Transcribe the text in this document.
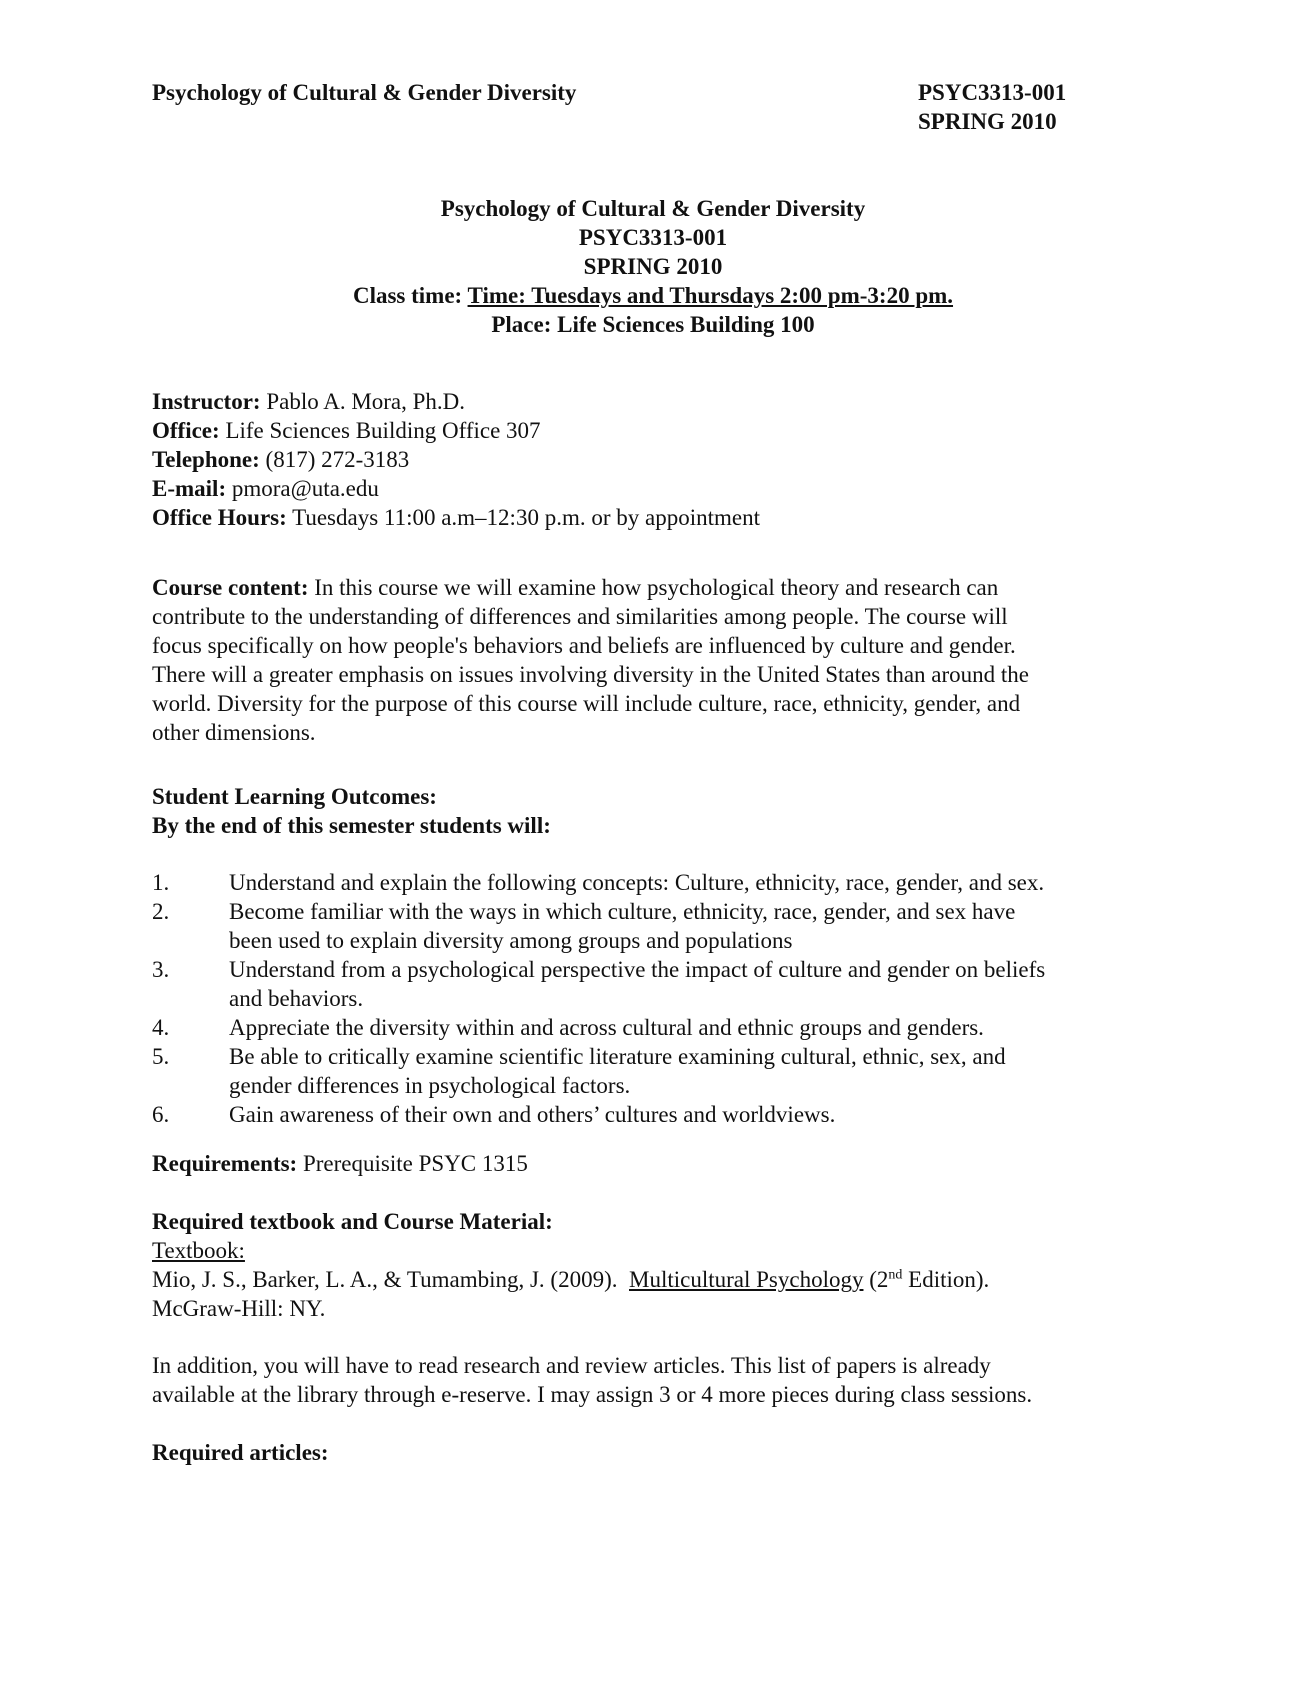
Psychology of Cultural & Gender Diversity	PSYC3313-001
SPRING 2010
Psychology of Cultural & Gender Diversity
PSYC3313-001
SPRING 2010
Class time: Time: Tuesdays and Thursdays 2:00 pm-3:20 pm.
Place: Life Sciences Building 100
Instructor: Pablo A. Mora, Ph.D.
Office: Life Sciences Building Office 307
Telephone: (817) 272-3183
E-mail: pmora@uta.edu
Office Hours: Tuesdays 11:00 a.m–12:30 p.m. or by appointment
Course content: In this course we will examine how psychological theory and research can
contribute to the understanding of differences and similarities among people. The course will
focus specifically on how people's behaviors and beliefs are influenced by culture and gender.
There will a greater emphasis on issues involving diversity in the United States than around the
world. Diversity for the purpose of this course will include culture, race, ethnicity, gender, and
other dimensions.
Student Learning Outcomes:
By the end of this semester students will:
1.	Understand and explain the following concepts: Culture, ethnicity, race, gender, and sex.
2.	Become familiar with the ways in which culture, ethnicity, race, gender, and sex have
been used to explain diversity among groups and populations
3.	Understand from a psychological perspective the impact of culture and gender on beliefs
and behaviors.
4.	Appreciate the diversity within and across cultural and ethnic groups and genders.
5.	Be able to critically examine scientific literature examining cultural, ethnic, sex, and
gender differences in psychological factors.
6.	Gain awareness of their own and others’ cultures and worldviews.
Requirements: Prerequisite PSYC 1315
Required textbook and Course Material:
Textbook:
Mio, J. S., Barker, L. A., & Tumambing, J. (2009). Multicultural Psychology (2nd Edition).
McGraw-Hill: NY.
In addition, you will have to read research and review articles. This list of papers is already
available at the library through e-reserve. I may assign 3 or 4 more pieces during class sessions.
Required articles:
